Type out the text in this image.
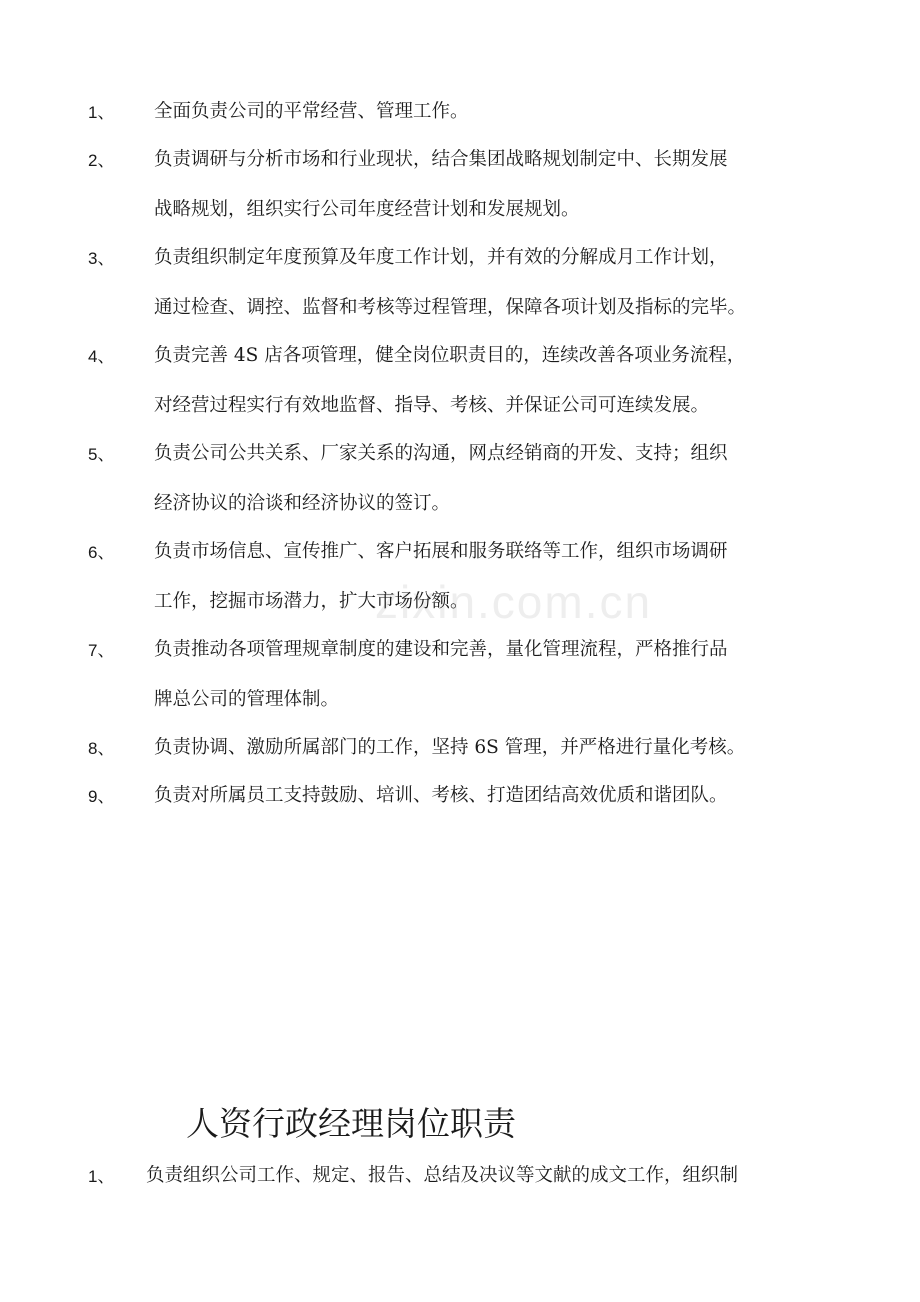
zixin.com.cn
1、 全面负责公司的平常经营、管理工作。
2、 负责调研与分析市场和行业现状，结合集团战略规划制定中、长期发展
战略规划，组织实行公司年度经营计划和发展规划。
3、 负责组织制定年度预算及年度工作计划，并有效的分解成月工作计划，
通过检查、调控、监督和考核等过程管理，保障各项计划及指标的完毕。
4、 负责完善 4S 店各项管理，健全岗位职责目的，连续改善各项业务流程，
对经营过程实行有效地监督、指导、考核、并保证公司可连续发展。
5、 负责公司公共关系、厂家关系的沟通，网点经销商的开发、支持；组织
经济协议的洽谈和经济协议的签订。
6、 负责市场信息、宣传推广、客户拓展和服务联络等工作，组织市场调研
工作，挖掘市场潜力，扩大市场份额。
7、 负责推动各项管理规章制度的建设和完善，量化管理流程，严格推行品
牌总公司的管理体制。
8、 负责协调、激励所属部门的工作，坚持 6S 管理，并严格进行量化考核。
9、 负责对所属员工支持鼓励、培训、考核、打造团结高效优质和谐团队。
人资行政经理岗位职责
1、 负责组织公司工作、规定、报告、总结及决议等文献的成文工作，组织制
